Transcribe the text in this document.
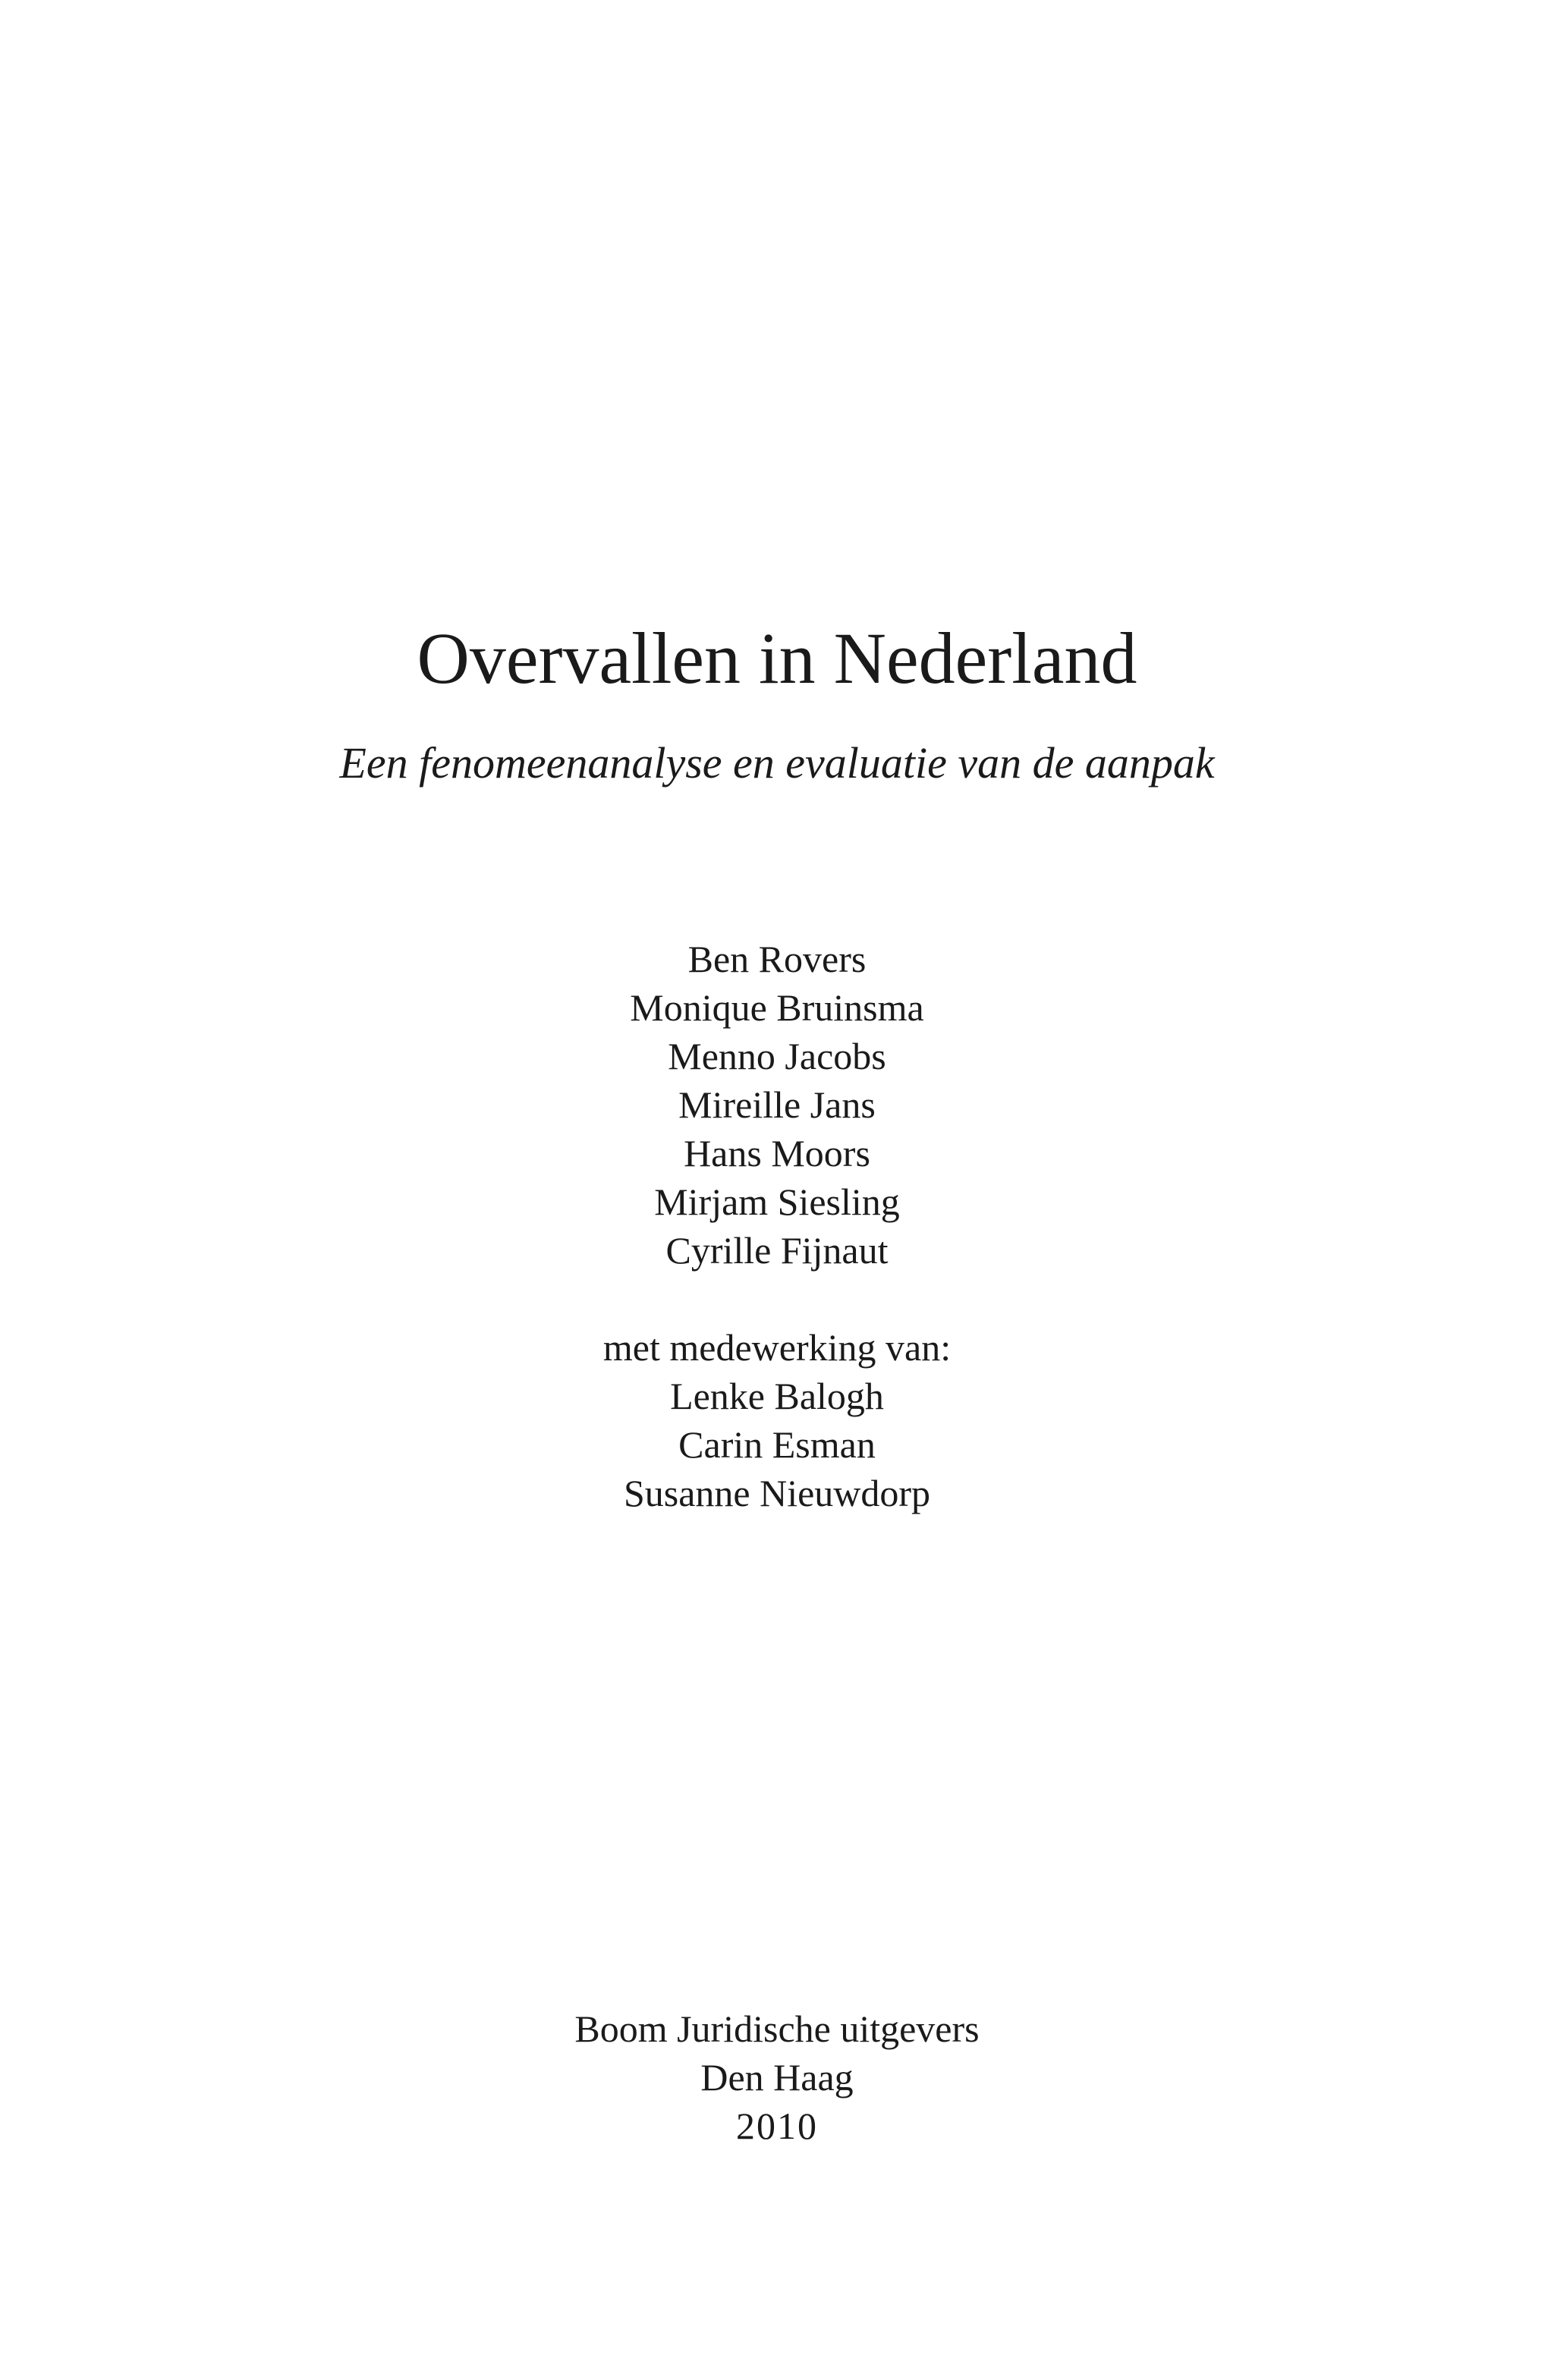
Overvallen in Nederland
Een fenomeenanalyse en evaluatie van de aanpak
Ben Rovers
Monique Bruinsma
Menno Jacobs
Mireille Jans
Hans Moors
Mirjam Siesling
Cyrille Fijnaut
met medewerking van:
Lenke Balogh
Carin Esman
Susanne Nieuwdorp
Boom Juridische uitgevers
Den Haag
2010
